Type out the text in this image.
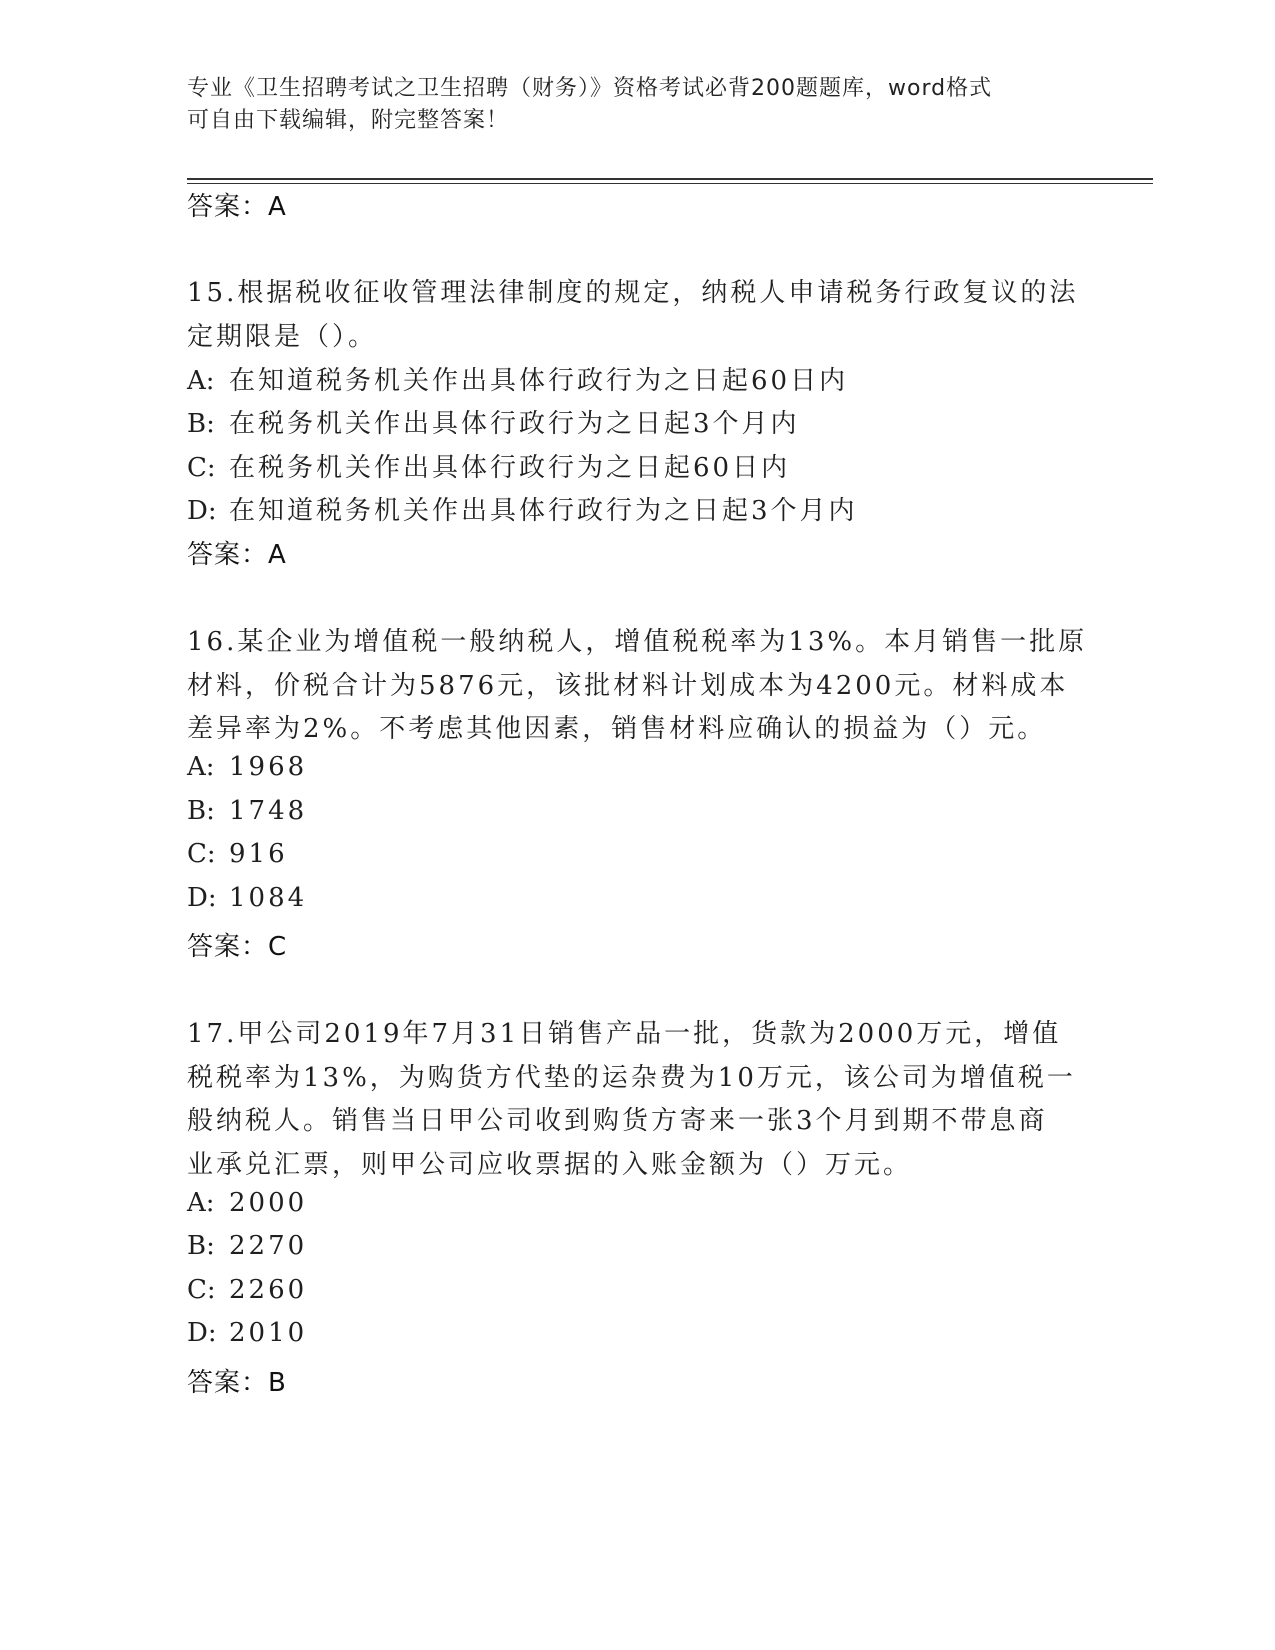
专业《卫生招聘考试之卫生招聘（财务）》资格考试必背200题题库，word格式
可自由下载编辑，附完整答案！
答案：A
15.根据税收征收管理法律制度的规定，纳税人申请税务行政复议的法
定期限是（）。
A: 在知道税务机关作出具体行政行为之日起60日内
B: 在税务机关作出具体行政行为之日起3个月内
C: 在税务机关作出具体行政行为之日起60日内
D: 在知道税务机关作出具体行政行为之日起3个月内
答案：A
16.某企业为增值税一般纳税人，增值税税率为13%。本月销售一批原
材料，价税合计为5876元，该批材料计划成本为4200元。材料成本
差异率为2%。不考虑其他因素，销售材料应确认的损益为（）元。
A: 1968
B: 1748
C: 916
D: 1084
答案：C
17.甲公司2019年7月31日销售产品一批，货款为2000万元，增值
税税率为13%，为购货方代垫的运杂费为10万元，该公司为增值税一
般纳税人。销售当日甲公司收到购货方寄来一张3个月到期不带息商
业承兑汇票，则甲公司应收票据的入账金额为（）万元。
A: 2000
B: 2270
C: 2260
D: 2010
答案：B
